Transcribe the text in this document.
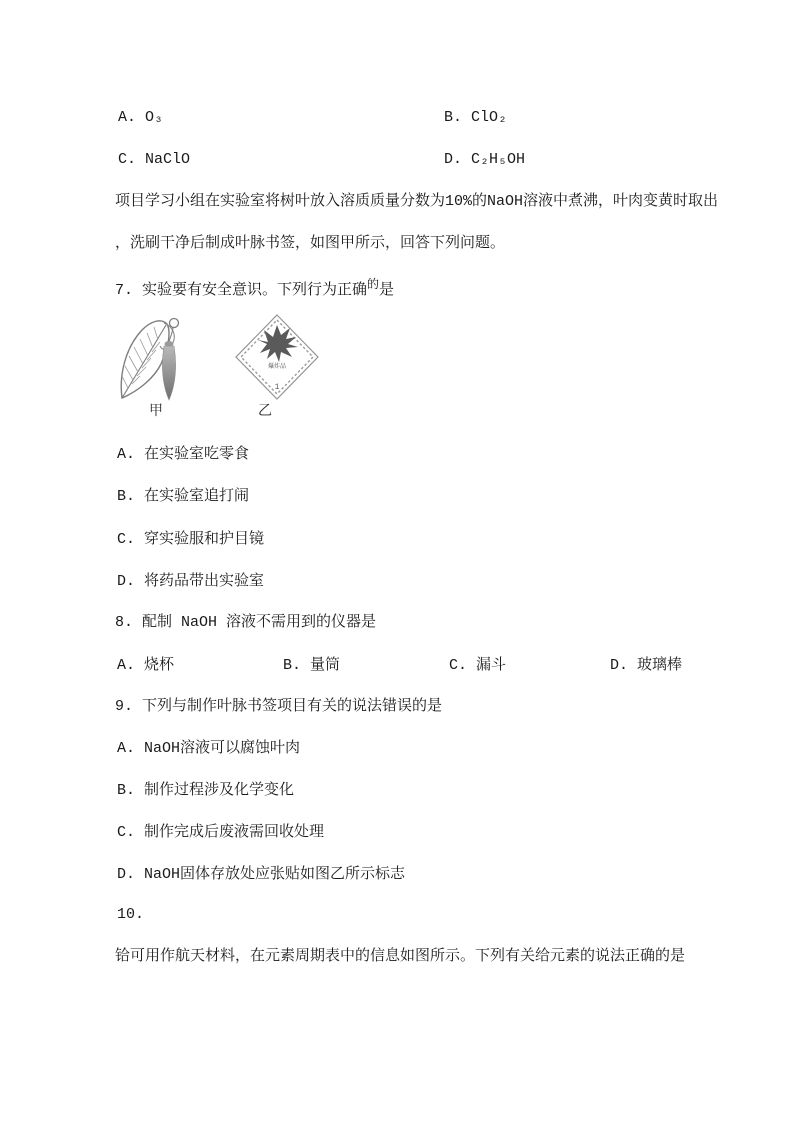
A. O₃	B. ClO₂
C. NaClO	D. C₂H₅OH
项目学习小组在实验室将树叶放入溶质质量分数为10%的NaOH溶液中煮沸，叶肉变黄时取出
，洗刷干净后制成叶脉书签，如图甲所示，回答下列问题。
7. 实验要有安全意识。下列行为正确$^的$是
甲
爆炸品
1
乙
A. 在实验室吃零食
B. 在实验室追打闹
C. 穿实验服和护目镜
D. 将药品带出实验室
8. 配制 NaOH 溶液不需用到的仪器是
A. 烧杯	B. 量筒	C. 漏斗	D. 玻璃棒
9. 下列与制作叶脉书签项目有关的说法错误的是
A. NaOH溶液可以腐蚀叶肉
B. 制作过程涉及化学变化
C. 制作完成后废液需回收处理
D. NaOH固体存放处应张贴如图乙所示标志
10.
铪可用作航天材料，在元素周期表中的信息如图所示。下列有关给元素的说法正确的是
